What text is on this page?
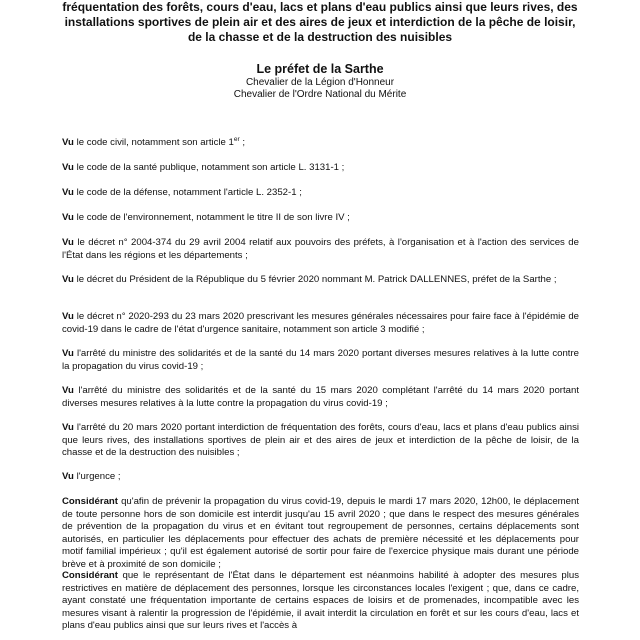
fréquentation des forêts, cours d'eau, lacs et plans d'eau publics ainsi que leurs rives, des
installations sportives de plein air et des aires de jeux et interdiction de la pêche de loisir,
de la chasse et de la destruction des nuisibles
Le préfet de la Sarthe
Chevalier de la Légion d'Honneur
Chevalier de l'Ordre National du Mérite
Vu le code civil, notamment son article 1er ;
Vu le code de la santé publique, notamment son article L. 3131-1 ;
Vu le code de la défense, notamment l'article L. 2352-1 ;
Vu le code de l'environnement, notamment le titre II de son livre IV ;
Vu le décret n° 2004-374 du 29 avril 2004 relatif aux pouvoirs des préfets, à l'organisation et à l'action des services de l'État dans les régions et les départements ;
Vu le décret du Président de la République du 5 février 2020 nommant M. Patrick DALLENNES, préfet de la Sarthe ;
Vu le décret n° 2020-293 du 23 mars 2020 prescrivant les mesures générales nécessaires pour faire face à l'épidémie de covid-19 dans le cadre de l'état d'urgence sanitaire, notamment son article 3 modifié ;
Vu l'arrêté du ministre des solidarités et de la santé du 14 mars 2020 portant diverses mesures relatives à la lutte contre la propagation du virus covid-19 ;
Vu l'arrêté du ministre des solidarités et de la santé du 15 mars 2020 complétant l'arrêté du 14 mars 2020 portant diverses mesures relatives à la lutte contre la propagation du virus covid-19 ;
Vu l'arrêté du 20 mars 2020 portant interdiction de fréquentation des forêts, cours d'eau, lacs et plans d'eau publics ainsi que leurs rives, des installations sportives de plein air et des aires de jeux et interdiction de la pêche de loisir, de la chasse et de la destruction des nuisibles ;
Vu l'urgence ;
Considérant qu'afin de prévenir la propagation du virus covid-19, depuis le mardi 17 mars 2020, 12h00, le déplacement de toute personne hors de son domicile est interdit jusqu'au 15 avril 2020 ; que dans le respect des mesures générales de prévention de la propagation du virus et en évitant tout regroupement de personnes, certains déplacements sont autorisés, en particulier les déplacements pour effectuer des achats de première nécessité et les déplacements pour motif familial impérieux ; qu'il est également autorisé de sortir pour faire de l'exercice physique mais durant une période brève et à proximité de son domicile ;
Considérant que le représentant de l'État dans le département est néanmoins habilité à adopter des mesures plus restrictives en matière de déplacement des personnes, lorsque les circonstances locales l'exigent ; que, dans ce cadre, ayant constaté une fréquentation importante de certains espaces de loisirs et de promenades, incompatible avec les mesures visant à ralentir la progression de l'épidémie, il avait interdit la circulation en forêt et sur les cours d'eau, lacs et plans d'eau publics ainsi que sur leurs rives et l'accès à
